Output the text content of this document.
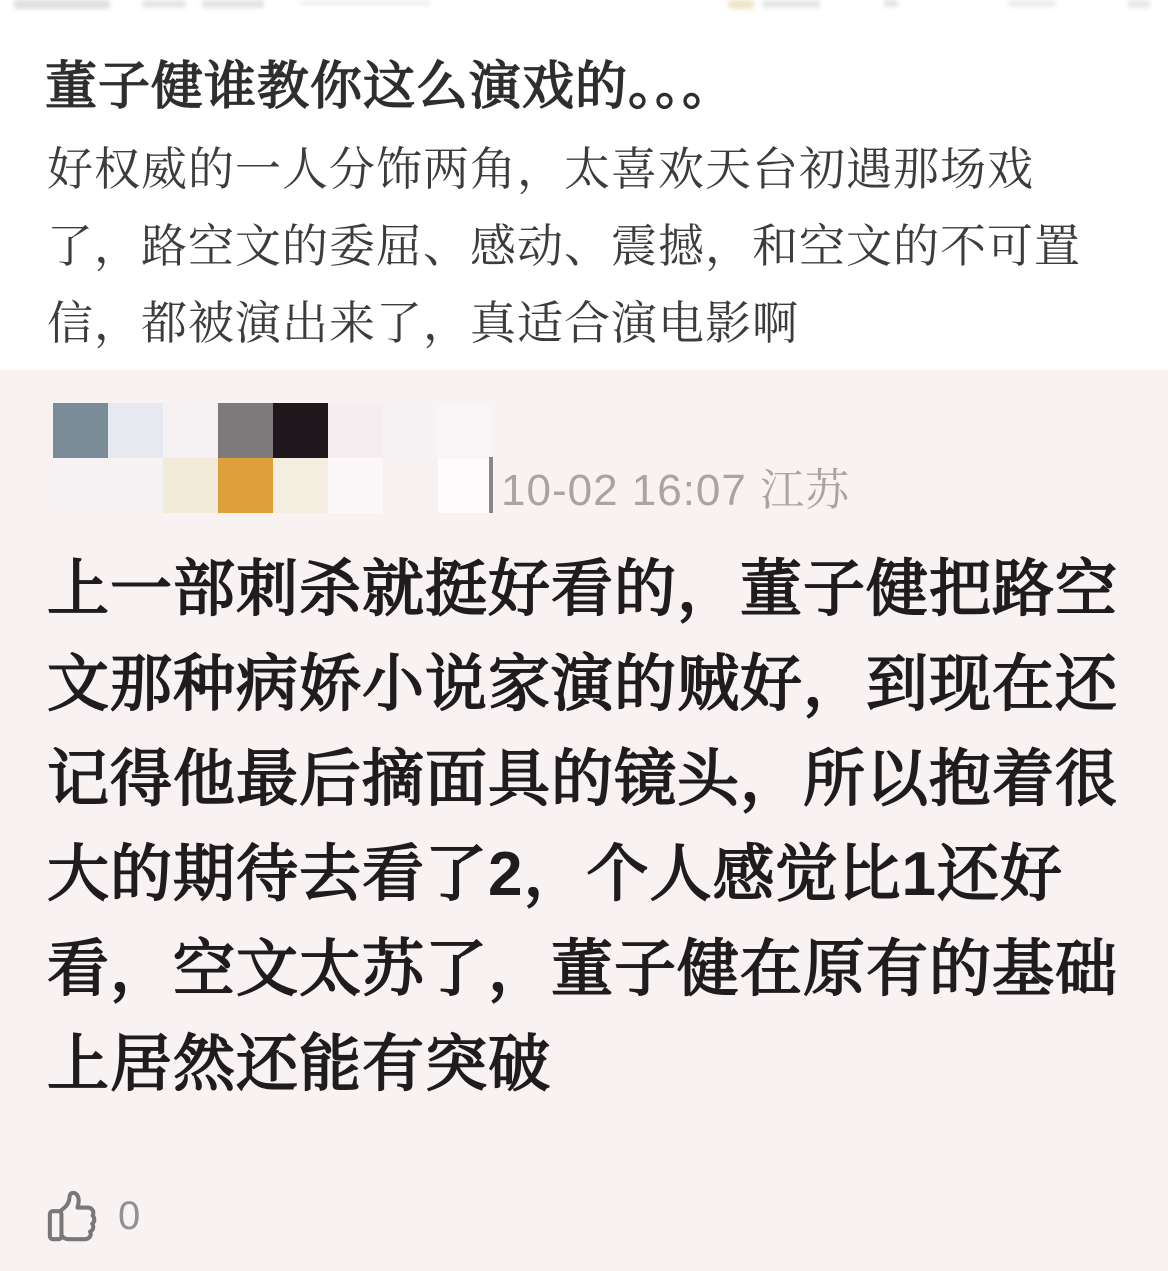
董子健谁教你这么演戏的。。。
好权威的一人分饰两角，太喜欢天台初遇那场戏
了，路空文的委屈、感动、震撼，和空文的不可置
信，都被演出来了，真适合演电影啊
10-02 16:07 江苏
上一部刺杀就挺好看的，董子健把路空
文那种病娇小说家演的贼好，到现在还
记得他最后摘面具的镜头，所以抱着很
大的期待去看了2，个人感觉比1还好
看，空文太苏了，董子健在原有的基础
上居然还能有突破
0
